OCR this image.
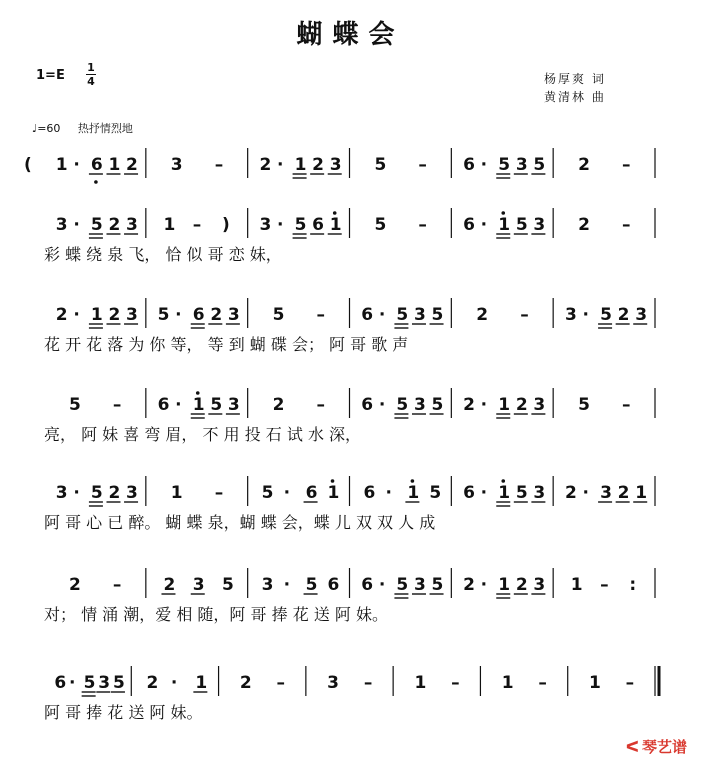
蝴蝶会
1=E
1
4	杨厚爽 词
黄清林 曲
♩=60 热抒情烈地
( 1 · 6 1 2 3 – 2 · 1 2 3 5 – 6 · 5 3 5 2 –
3 · 5 2 3 1 – ) 3 · 5 6 1 5 – 6 · 1 5 3 2 –
彩 蝶 绕 泉 飞， 恰 似 哥 恋 妹，
2 · 1 2 3 5 · 6 2 3 5 – 6 · 5 3 5 2 – 3 · 5 2 3
花 开 花 落 为 你 等， 等 到 蝴 碟 会； 阿 哥 歌 声
5 – 6 · 1 5 3 2 – 6 · 5 3 5 2 · 1 2 3 5 –
亮， 阿 妹 喜 弯 眉， 不 用 投 石 试 水 深，
3 · 5 2 3 1 – 5 · 6 1 6 · 1 5 6 · 1 5 3 2 · 3 2 1
阿 哥 心 已 醉。 蝴 蝶 泉，蝴 蝶 会，蝶 儿 双 双 人 成
2 – 2 3 5 3 · 5 6 6 · 5 3 5 2 · 1 2 3 1 – :
对； 情 涌 潮，爱 相 随，阿 哥 捧 花 送 阿 妹。
6 · 5 3 5 2 · 1 2 – 3 – 1 – 1 – 1 –
阿 哥 捧 花 送 阿 妹。
ᐸ 琴艺谱
